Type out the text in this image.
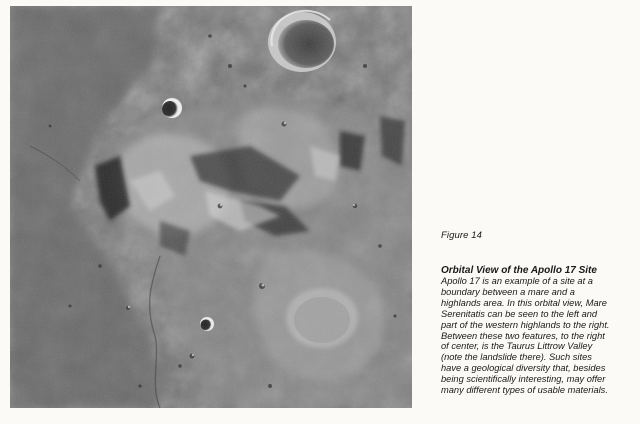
Figure 14
Orbital View of the Apollo 17 Site

Apollo 17 is an example of a site at a
boundary between a mare and a
highlands area. In this orbital view, Mare
Serenitatis can be seen to the left and
part of the western highlands to the right.
Between these two features, to the right
of center, is the Taurus Littrow Valley
(note the landslide there). Such sites
have a geological diversity that, besides
being scientifically interesting, may offer
many different types of usable materials.
